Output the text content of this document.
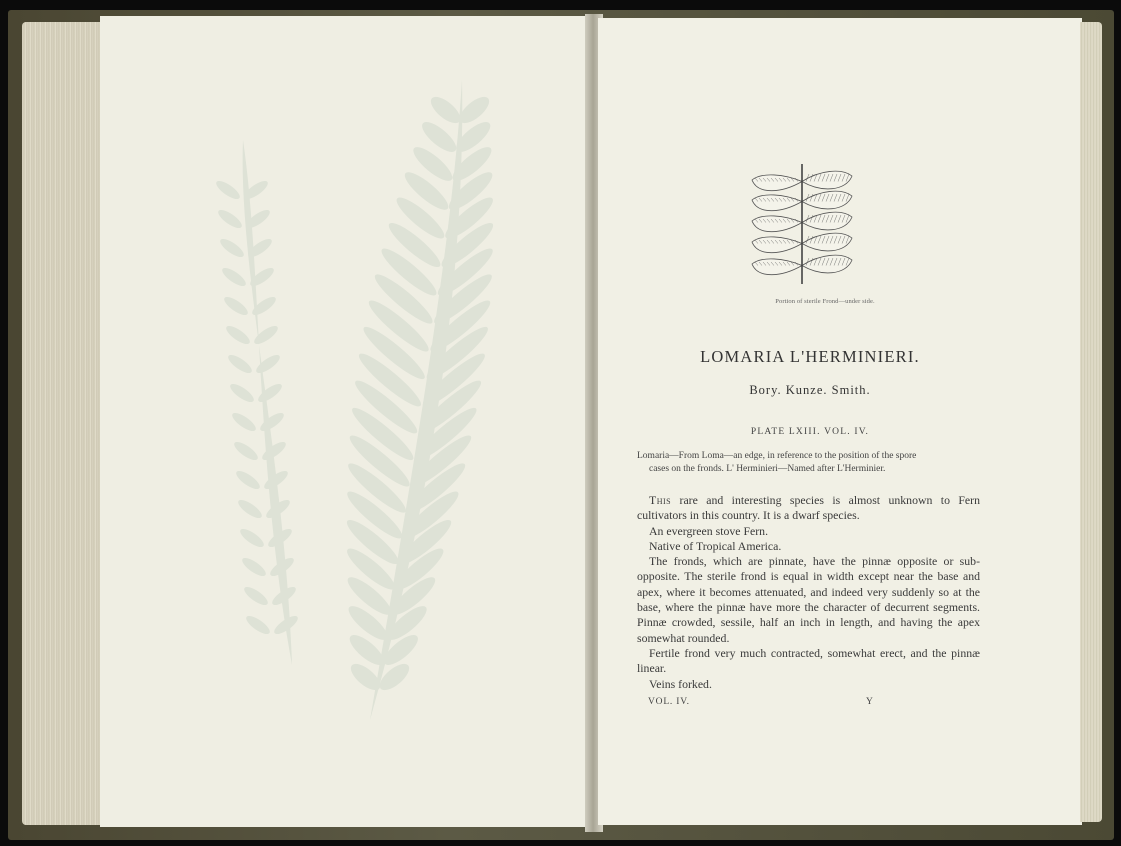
Portion of sterile Frond—under side.
LOMARIA L'HERMINIERI.
Bory. Kunze. Smith.
PLATE LXIII. VOL. IV.

Lomaria—From Loma—an edge, in reference to the position of the spore

cases on the fronds. L' Herminieri—Named after L'Herminier.

This rare and interesting species is almost unknown to Fern cultivators in this country. It is a dwarf species.

An evergreen stove Fern.

Native of Tropical America.

The fronds, which are pinnate, have the pinnæ opposite or sub-opposite. The sterile frond is equal in width except near the base and apex, where it becomes attenuated, and indeed very suddenly so at the base, where the pinnæ have more the character of decurrent segments. Pinnæ crowded, sessile, half an inch in length, and having the apex somewhat rounded.

Fertile frond very much contracted, somewhat erect, and the pinnæ linear.

Veins forked.

VOL. IV.	Y
